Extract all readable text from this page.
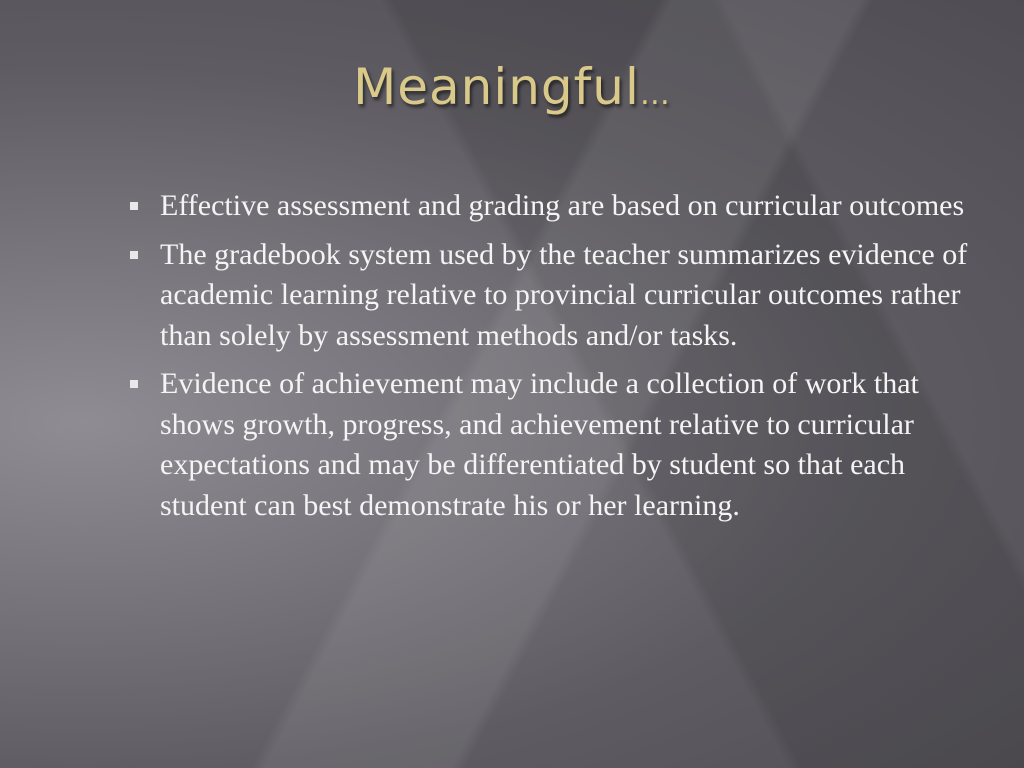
Meaningful…
Effective assessment and grading are based on curricular outcomes
The gradebook system used by the teacher summarizes evidence of academic learning relative to provincial curricular outcomes rather than solely by assessment methods and/or tasks.
Evidence of achievement may include a collection of work that shows growth, progress, and achievement relative to curricular expectations and may be differentiated by student so that each student can best demonstrate his or her learning.
